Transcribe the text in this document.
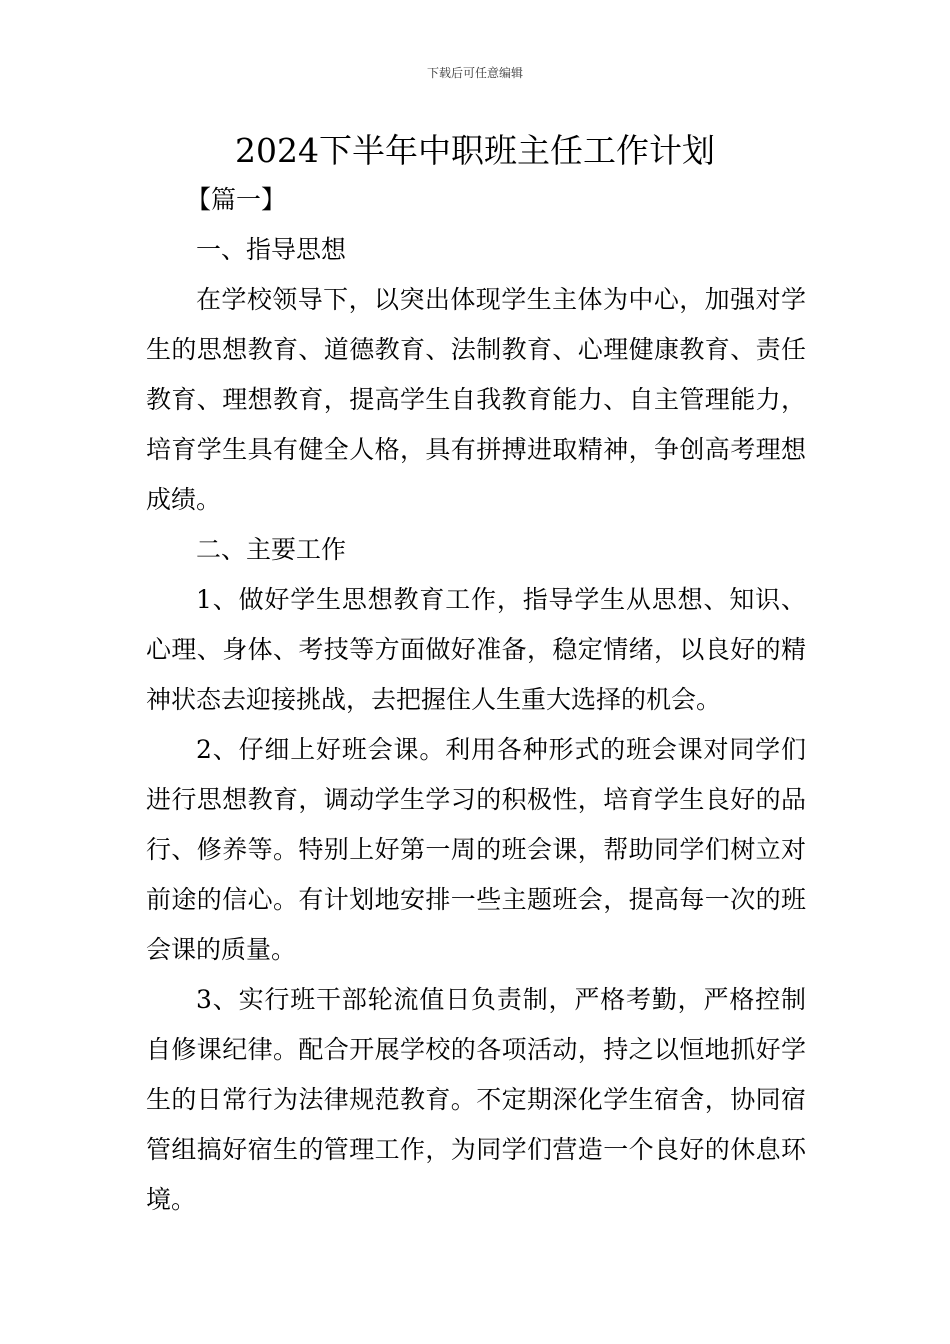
下载后可任意编辑
2024下半年中职班主任工作计划

【篇一】

一、指导思想

在学校领导下，以突出体现学生主体为中心，加强对学生的思想教育、道德教育、法制教育、心理健康教育、责任教育、理想教育，提高学生自我教育能力、自主管理能力，培育学生具有健全人格，具有拼搏进取精神，争创高考理想成绩。

二、主要工作

1、做好学生思想教育工作，指导学生从思想、知识、心理、身体、考技等方面做好准备，稳定情绪，以良好的精神状态去迎接挑战，去把握住人生重大选择的机会。

2、仔细上好班会课。利用各种形式的班会课对同学们进行思想教育，调动学生学习的积极性，培育学生良好的品行、修养等。特别上好第一周的班会课，帮助同学们树立对前途的信心。有计划地安排一些主题班会，提高每一次的班会课的质量。

3、实行班干部轮流值日负责制，严格考勤，严格控制自修课纪律。配合开展学校的各项活动，持之以恒地抓好学生的日常行为法律规范教育。不定期深化学生宿舍，协同宿管组搞好宿生的管理工作，为同学们营造一个良好的休息环境。
